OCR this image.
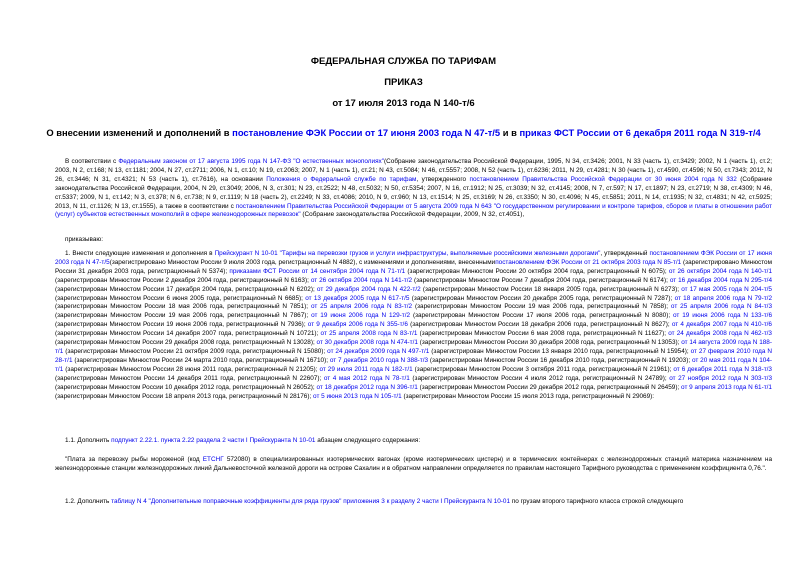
ФЕДЕРАЛЬНАЯ СЛУЖБА ПО ТАРИФАМ
ПРИКАЗ
от 17 июля 2013 года N 140-т/6
О внесении изменений и дополнений в постановление ФЭК России от 17 июня 2003 года N 47-т/5 и в приказ ФСТ России от 6 декабря 2011 года N 319-т/4
В соответствии с Федеральным законом от 17 августа 1995 года N 147-ФЗ "О естественных монополиях"(Собрание законодательства Российской Федерации, 1995, N 34, ст.3426; 2001, N 33 (часть 1), ст.3429; 2002, N 1 (часть 1), ст.2; 2003, N 2, ст.168; N 13, ст.1181; 2004, N 27, ст.2711; 2006, N 1, ст.10; N 19, ст.2063; 2007, N 1 (часть 1), ст.21; N 43, ст.5084; N 46, ст.5557; 2008, N 52 (часть 1), ст.6236; 2011, N 29, ст.4281; N 30 (часть 1), ст.4590, ст.4596; N 50, ст.7343; 2012, N 26, ст.3446; N 31, ст.4321; N 53 (часть 1), ст.7616), на основании Положения о Федеральной службе по тарифам, утвержденного постановлением Правительства Российской Федерации от 30 июня 2004 года N 332 (Собрание законодательства Российской Федерации, 2004, N 29, ст.3049; 2006, N 3, ст.301; N 23, ст.2522; N 48, ст.5032; N 50, ст.5354; 2007, N 16, ст.1912; N 25, ст.3039; N 32, ст.4145; 2008, N 7, ст.597; N 17, ст.1897; N 23, ст.2719; N 38, ст.4309; N 46, ст.5337; 2009, N 1, ст.142; N 3, ст.378; N 6, ст.738; N 9, ст.1119; N 18 (часть 2), ст.2249; N 33, ст.4086; 2010, N 9, ст.960; N 13, ст.1514; N 25, ст.3169; N 26, ст.3350; N 30, ст.4096; N 45, ст.5851; 2011, N 14, ст.1935; N 32, ст.4831; N 42, ст.5925; 2013, N 11, ст.1126; N 13, ст.1555), а также в соответствии с постановлением Правительства Российской Федерации от 5 августа 2009 года N 643 "О государственном регулировании и контроле тарифов, сборов и платы в отношении работ (услуг) субъектов естественных монополий в сфере железнодорожных перевозок" (Собрание законодательства Российской Федерации, 2009, N 32, ст.4051),
приказываю:
1. Внести следующие изменения и дополнения в Прейскурант N 10-01 "Тарифы на перевозки грузов и услуги инфраструктуры, выполняемые российскими железными дорогами", утвержденный постановлением ФЭК России от 17 июня 2003 года N 47-т/5(зарегистрировано Минюстом России 9 июля 2003 года, регистрационный N 4882), с изменениями и дополнениями, внесеннымипостановлением ФЭК России от 21 октября 2003 года N 85-т/1 (зарегистрировано Минюстом России 31 декабря 2003 года, регистрационный N 5374); приказами ФСТ России от 14 сентября 2004 года N 71-т/1 (зарегистрирован Минюстом России 20 октября 2004 года, регистрационный N 6075); от 26 октября 2004 года N 140-т/1 (зарегистрирован Минюстом России 2 декабря 2004 года, регистрационный N 6163); от 26 октября 2004 года N 141-т/2 (зарегистрирован Минюстом России 7 декабря 2004 года, регистрационный N 6174); от 16 декабря 2004 года N 295-т/4 (зарегистрирован Минюстом России 17 декабря 2004 года, регистрационный N 6202); от 29 декабря 2004 года N 422-т/2 (зарегистрирован Минюстом России 18 января 2005 года, регистрационный N 6273); от 17 мая 2005 года N 204-т/5 (зарегистрирован Минюстом России 6 июня 2005 года, регистрационный N 6685); от 13 декабря 2005 года N 617-т/5 (зарегистрирован Минюстом России 20 декабря 2005 года, регистрационный N 7287); от 18 апреля 2006 года N 79-т/2 (зарегистрирован Минюстом России 18 мая 2006 года, регистрационный N 7851); от 25 апреля 2006 года N 83-т/2 (зарегистрирован Минюстом России 19 мая 2006 года, регистрационный N 7858); от 25 апреля 2006 года N 84-т/3 (зарегистрирован Минюстом России 19 мая 2006 года, регистрационный N 7867); от 19 июня 2006 года N 129-т/2 (зарегистрирован Минюстом России 17 июля 2006 года, регистрационный N 8080); от 19 июня 2006 года N 133-т/6 (зарегистрирован Минюстом России 19 июня 2006 года, регистрационный N 7936); от 9 декабря 2006 года N 355-т/6 (зарегистрирован Минюстом России 18 декабря 2006 года, регистрационный N 8627); от 4 декабря 2007 года N 410-т/6 (зарегистрирован Минюстом России 14 декабря 2007 года, регистрационный N 10721); от 25 апреля 2008 года N 83-т/1 (зарегистрирован Минюстом России 6 мая 2008 года, регистрационный N 11627); от 24 декабря 2008 года N 462-т/3 (зарегистрирован Минюстом России 29 декабря 2008 года, регистрационный N 13028); от 30 декабря 2008 года N 474-т/1 (зарегистрирован Минюстом России 30 декабря 2008 года, регистрационный N 13053); от 14 августа 2009 года N 188-т/1 (зарегистрирован Минюстом России 21 октября 2009 года, регистрационный N 15080); от 24 декабря 2009 года N 497-т/1 (зарегистрирован Минюстом России 13 января 2010 года, регистрационный N 15954); от 27 февраля 2010 года N 28-т/1 (зарегистрирован Минюстом России 24 марта 2010 года, регистрационный N 16710); от 7 декабря 2010 года N 388-т/3 (зарегистрирован Минюстом России 16 декабря 2010 года, регистрационный N 19203); от 20 мая 2011 года N 104-т/1 (зарегистрирован Минюстом России 28 июня 2011 года, регистрационный N 21205); от 29 июля 2011 года N 182-т/1 (зарегистрирован Минюстом России 3 октября 2011 года, регистрационный N 21961); от 6 декабря 2011 года N 318-т/3 (зарегистрирован Минюстом России 14 декабря 2011 года, регистрационный N 22607); от 4 мая 2012 года N 78-т/1 (зарегистрирован Минюстом России 4 июля 2012 года, регистрационный N 24789); от 27 ноября 2012 года N 303-т/3 (зарегистрирован Минюстом России 10 декабря 2012 года, регистрационный N 26052); от 18 декабря 2012 года N 396-т/1 (зарегистрирован Минюстом России 29 декабря 2012 года, регистрационный N 26459); от 9 апреля 2013 года N 61-т/1 (зарегистрирован Минюстом России 18 апреля 2013 года, регистрационный N 28176); от 5 июня 2013 года N 105-т/1 (зарегистрирован Минюстом России 15 июля 2013 года, регистрационный N 29069):
1.1. Дополнить подпункт 2.22.1. пункта 2.22 раздела 2 части I Прейскуранта N 10-01 абзацем следующего содержания:
"Плата за перевозку рыбы мороженой (код ЕТСНГ 572080) в специализированных изотермических вагонах (кроме изотермических цистерн) и в термических контейнерах с железнодорожных станций материка назначением на железнодорожные станции железнодорожных линий Дальневосточной железной дороги на острове Сахалин и в обратном направлении определяется по правилам настоящего Тарифного руководства с применением коэффициента 0,76.".
1.2. Дополнить таблицу N 4 "Дополнительные поправочные коэффициенты для ряда грузов" приложения 3 к разделу 2 части I Прейскуранта N 10-01 по грузам второго тарифного класса строкой следующего
